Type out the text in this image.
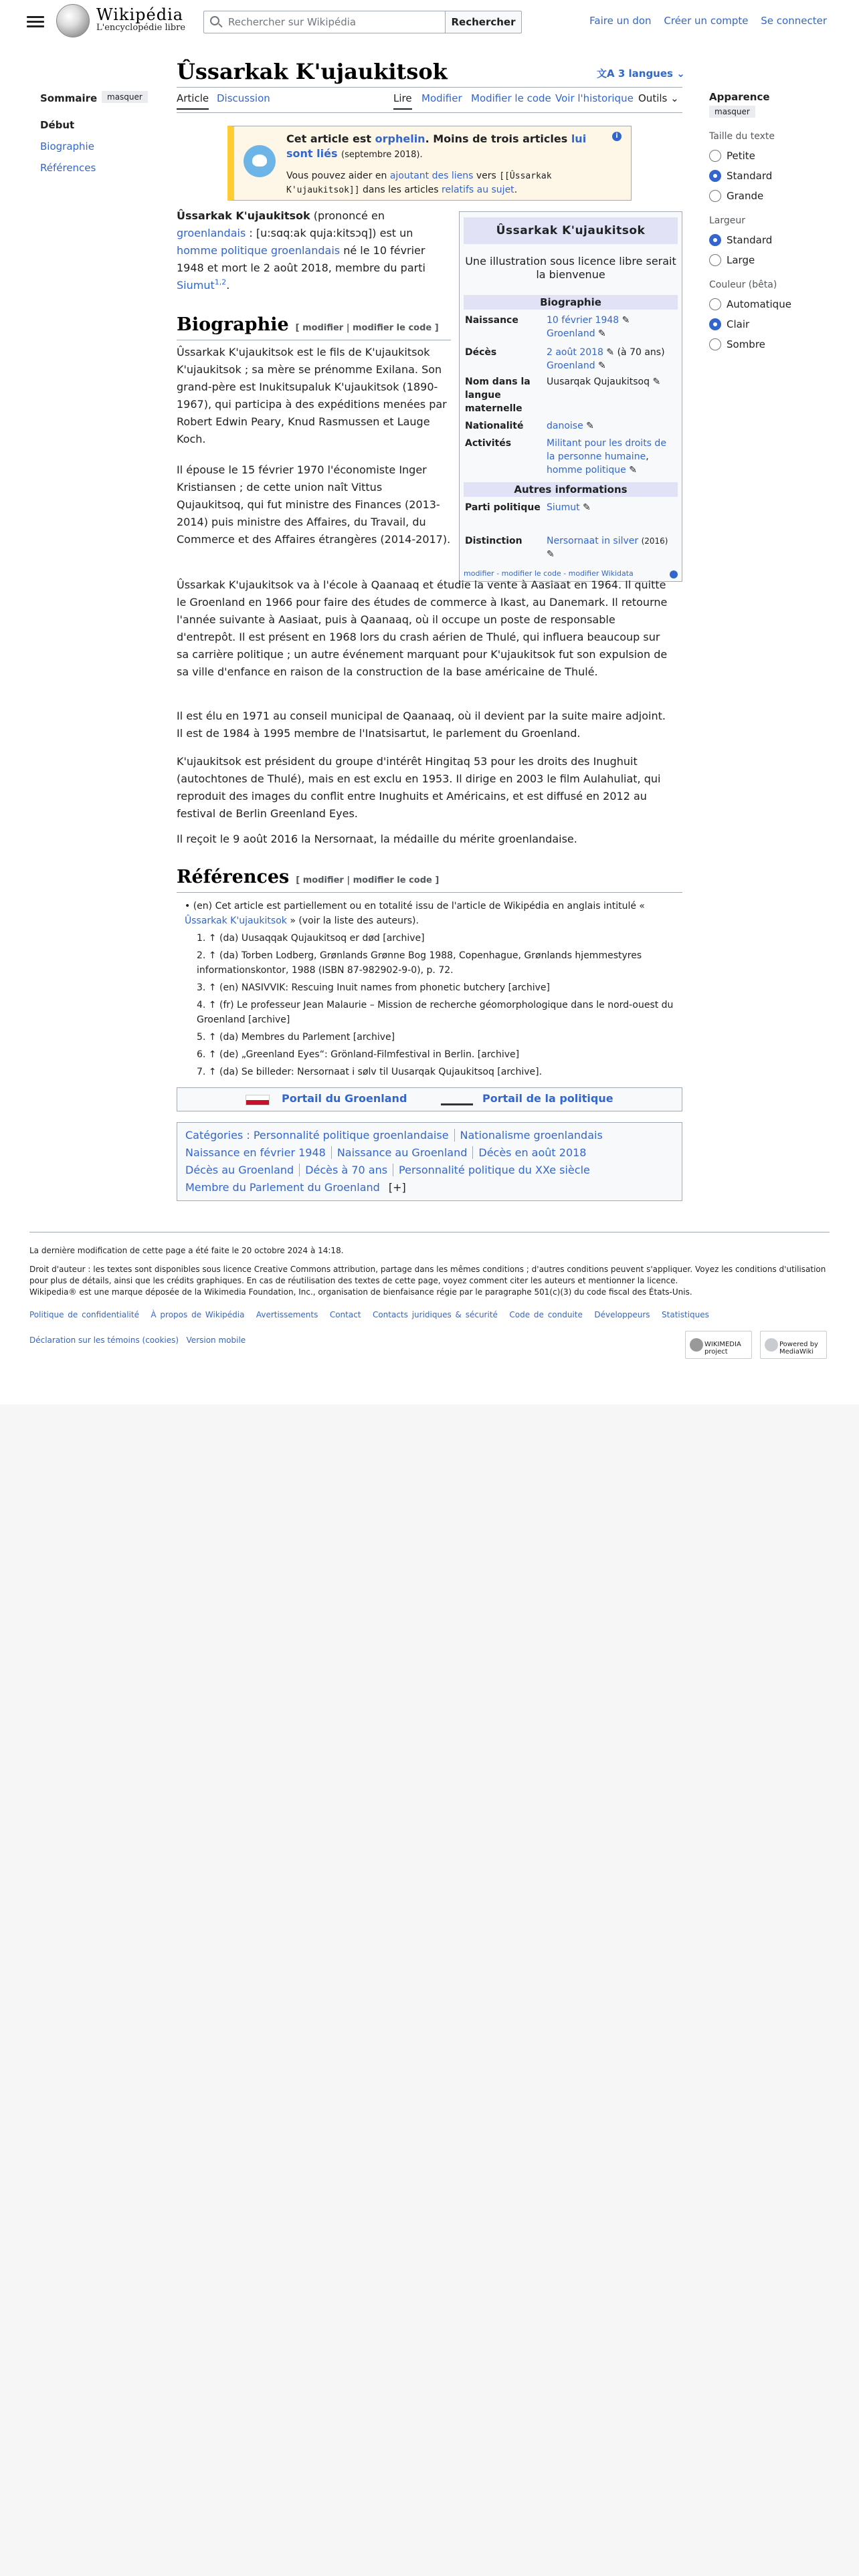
Wikipédia
L'encyclopédie libre	Rechercher sur Wikipédia	Rechercher	Faire un don Créer un compte Se connecter
Sommaire
Début
Biographie
Références
masquer	Apparence
masquer
Taille du texte
Petite
Standard
Grande
Largeur
Standard
Large
Couleur (bêta)
Automatique
Clair
Sombre
Ûssarkak K'ujaukitsok	文A 3 langues ⌄
Article Discussion	Lire Modifier Modifier le code Voir l'historique Outils ⌄
i
Cet article est orphelin. Moins de trois articles lui sont liés (septembre 2018).
Vous pouvez aider en ajoutant des liens vers [[Ûssarkak K'ujaukitsok]] dans les articles relatifs au sujet.
Ûssarkak K'ujaukitsok
Une illustration sous licence libre serait la bienvenue
Biographie
Naissance	10 février 1948 ✎
Groenland ✎
Décès	2 août 2018 ✎ (à 70 ans)
Groenland ✎
Nom dans la langue maternelle
Uusarqak Qujaukitsoq ✎
Nationalité	danoise ✎
Activités	Militant pour les droits de la personne humaine,
homme politique ✎
Autres informations
Parti politique Siumut ✎
Distinction	Nersornaat in silver (2016)
✎
modifier - modifier le code - modifier Wikidata
Ûssarkak K'ujaukitsok (prononcé en groenlandais : [u:sɑq:ak quja:kitsɔq]) est un homme politique groenlandais né le 10 février 1948 et mort le 2 août 2018, membre du parti Siumut$^{1,2}$.
Biographie [ modifier | modifier le code ]
Ûssarkak K'ujaukitsok est le fils de K'ujaukitsok K'ujaukitsok ; sa mère se prénomme Exilana. Son grand-père est Inukitsupaluk K'ujaukitsok (1890-1967), qui participa à des expéditions menées par Robert Edwin Peary, Knud Rasmussen et Lauge Koch.
Il épouse le 15 février 1970 l'économiste Inger Kristiansen ; de cette union naît Vittus Qujaukitsoq, qui fut ministre des Finances (2013-2014) puis ministre des Affaires, du Travail, du Commerce et des Affaires étrangères (2014-2017).
Ûssarkak K'ujaukitsok va à l'école à Qaanaaq et étudie la vente à Aasiaat en 1964. Il quitte le Groenland en 1966 pour faire des études de commerce à Ikast, au Danemark. Il retourne l'année suivante à Aasiaat, puis à Qaanaaq, où il occupe un poste de responsable d'entrepôt. Il est présent en 1968 lors du crash aérien de Thulé, qui influera beaucoup sur sa carrière politique ; un autre événement marquant pour K'ujaukitsok fut son expulsion de sa ville d'enfance en raison de la construction de la base américaine de Thulé.
Il est élu en 1971 au conseil municipal de Qaanaaq, où il devient par la suite maire adjoint. Il est de 1984 à 1995 membre de l'Inatsisartut, le parlement du Groenland.
K'ujaukitsok est président du groupe d'intérêt Hingitaq 53 pour les droits des Inughuit (autochtones de Thulé), mais en est exclu en 1953. Il dirige en 2003 le film Aulahuliat, qui reproduit des images du conflit entre Inughuits et Américains, et est diffusé en 2012 au festival de Berlin Greenland Eyes.
Il reçoit le 9 août 2016 la Nersornaat, la médaille du mérite groenlandaise.
Références [ modifier | modifier le code ]
• (en) Cet article est partiellement ou en totalité issu de l'article de Wikipédia en anglais intitulé « Ûssarkak K'ujaukitsok » (voir la liste des auteurs).
1. ↑ (da) Uusaqqak Qujaukitsoq er død [archive]
2. ↑ (da) Torben Lodberg, Grønlands Grønne Bog 1988, Copenhague, Grønlands hjemmestyres informationskontor, 1988 (ISBN 87-982902-9-0), p. 72.
3. ↑ (en) NASIVVIK: Rescuing Inuit names from phonetic butchery [archive]
4. ↑ (fr) Le professeur Jean Malaurie – Mission de recherche géomorphologique dans le nord-ouest du Groenland [archive]
5. ↑ (da) Membres du Parlement [archive]
6. ↑ (de) „Greenland Eyes“: Grönland-Filmfestival in Berlin. [archive]
7. ↑ (da) Se billeder: Nersornaat i sølv til Uusarqak Qujaukitsoq [archive].
Portail du Groenland	Portail de la politique
Catégories : Personnalité politique groenlandaise Nationalisme groenlandais
Naissance en février 1948 Naissance au Groenland Décès en août 2018
Décès au Groenland Décès à 70 ans Personnalité politique du XXe siècle
Membre du Parlement du Groenland [+]
La dernière modification de cette page a été faite le 20 octobre 2024 à 14:18.
Droit d'auteur : les textes sont disponibles sous licence Creative Commons attribution, partage dans les mêmes conditions ; d'autres conditions peuvent s'appliquer. Voyez les conditions d'utilisation pour plus de détails, ainsi que les crédits graphiques. En cas de réutilisation des textes de cette page, voyez comment citer les auteurs et mentionner la licence.
Wikipedia® est une marque déposée de la Wikimedia Foundation, Inc., organisation de bienfaisance régie par le paragraphe 501(c)(3) du code fiscal des États-Unis.
Politique de confidentialité À propos de Wikipédia Avertissements Contact Contacts juridiques & sécurité Code de conduite Développeurs Statistiques
Déclaration sur les témoins (cookies) Version mobile	WIKIMEDIA project
Powered by MediaWiki
